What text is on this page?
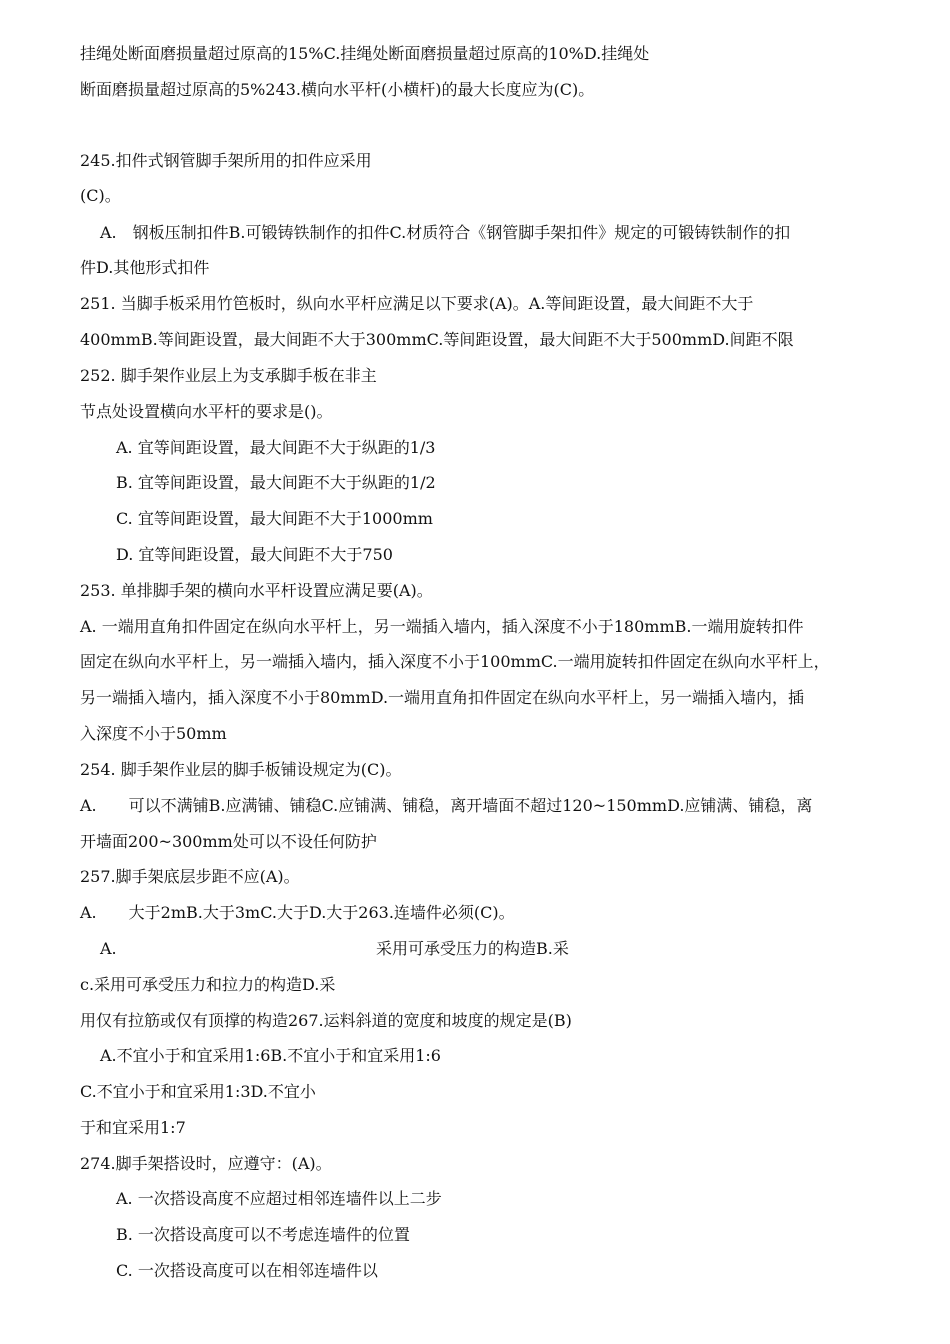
挂绳处断面磨损量超过原高的15%C.挂绳处断面磨损量超过原高的10%D.挂绳处
断面磨损量超过原高的5%243.横向水平杆(小横杆)的最大长度应为(C)。
245.扣件式钢管脚手架所用的扣件应采用
(C)。
A.　钢板压制扣件B.可锻铸铁制作的扣件C.材质符合《钢管脚手架扣件》规定的可锻铸铁制作的扣
件D.其他形式扣件
251. 当脚手板采用竹笆板时，纵向水平杆应满足以下要求(A)。A.等间距设置，最大间距不大于
400mmB.等间距设置，最大间距不大于300mmC.等间距设置，最大间距不大于500mmD.间距不限
252. 脚手架作业层上为支承脚手板在非主
节点处设置横向水平杆的要求是()。
A. 宜等间距设置，最大间距不大于纵距的1/3
B. 宜等间距设置，最大间距不大于纵距的1/2
C. 宜等间距设置，最大间距不大于1000mm
D. 宜等间距设置，最大间距不大于750
253. 单排脚手架的横向水平杆设置应满足要(A)。
A. 一端用直角扣件固定在纵向水平杆上，另一端插入墙内，插入深度不小于180mmB.一端用旋转扣件
固定在纵向水平杆上，另一端插入墙内，插入深度不小于100mmC.一端用旋转扣件固定在纵向水平杆上，
另一端插入墙内，插入深度不小于80mmD.一端用直角扣件固定在纵向水平杆上，另一端插入墙内，插
入深度不小于50mm
254. 脚手架作业层的脚手板铺设规定为(C)。
A.　　可以不满铺B.应满铺、铺稳C.应铺满、铺稳，离开墙面不超过120~150mmD.应铺满、铺稳，离
开墙面200~300mm处可以不设任何防护
257.脚手架底层步距不应(A)。
A.　　大于2mB.大于3mC.大于D.大于263.连墙件必须(C)。
A.	采用可承受压力的构造B.采
c.采用可承受压力和拉力的构造D.采
用仅有拉筋或仅有顶撑的构造267.运料斜道的宽度和坡度的规定是(B)
A.不宜小于和宜采用1:6B.不宜小于和宜采用1:6
C.不宜小于和宜采用1:3D.不宜小
于和宜采用1:7
274.脚手架搭设时，应遵守：(A)。
A. 一次搭设高度不应超过相邻连墙件以上二步
B. 一次搭设高度可以不考虑连墙件的位置
C. 一次搭设高度可以在相邻连墙件以
